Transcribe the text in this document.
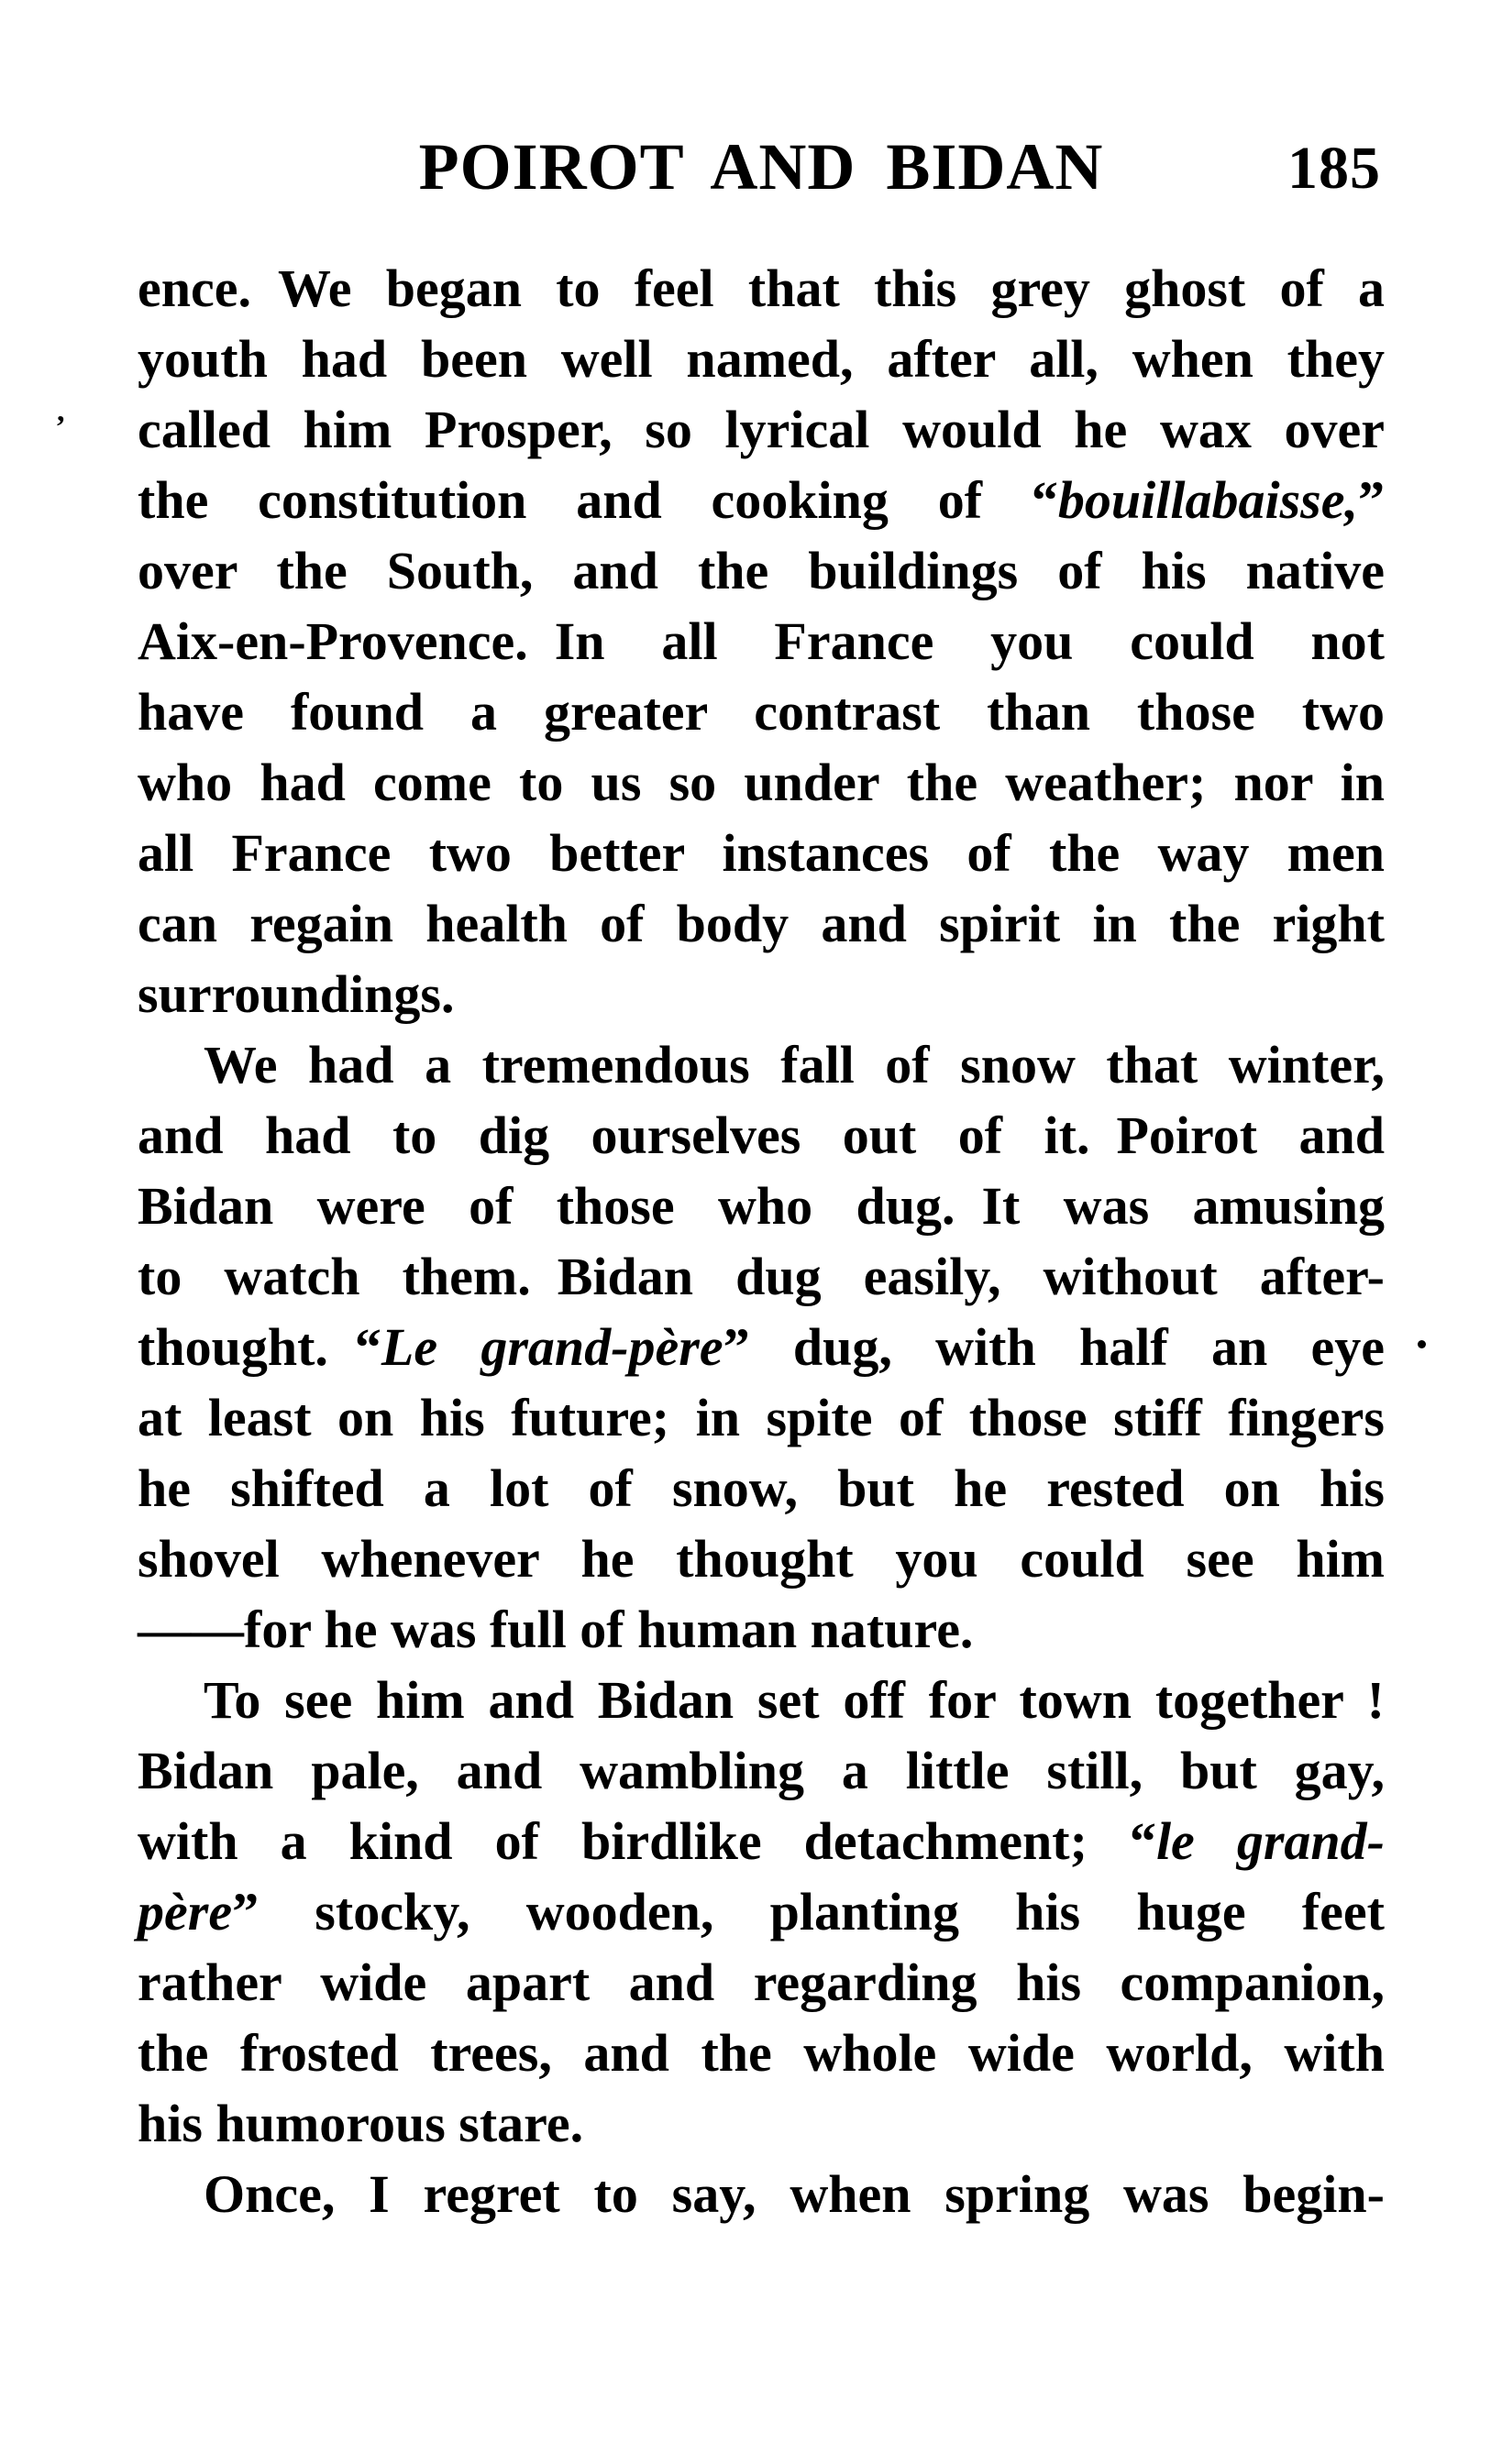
POIROT AND BIDAN	185
ence. We began to feel that this grey ghost of a
youth had been well named, after all, when they
called him Prosper, so lyrical would he wax over
the constitution and cooking of “bouillabaisse,”
over the South, and the buildings of his native
Aix-en-Provence. In all France you could not
have found a greater contrast than those two
who had come to us so under the weather; nor in
all France two better instances of the way men
can regain health of body and spirit in the right
surroundings.
We had a tremendous fall of snow that winter,
and had to dig ourselves out of it. Poirot and
Bidan were of those who dug. It was amusing
to watch them. Bidan dug easily, without after-
thought. “Le grand-père” dug, with half an eye
at least on his future; in spite of those stiff fingers
he shifted a lot of snow, but he rested on his
shovel whenever he thought you could see him
——for he was full of human nature.
To see him and Bidan set off for town together !
Bidan pale, and wambling a little still, but gay,
with a kind of birdlike detachment; “le grand-
père” stocky, wooden, planting his huge feet
rather wide apart and regarding his companion,
the frosted trees, and the whole wide world, with
his humorous stare.
Once, I regret to say, when spring was begin-
,
